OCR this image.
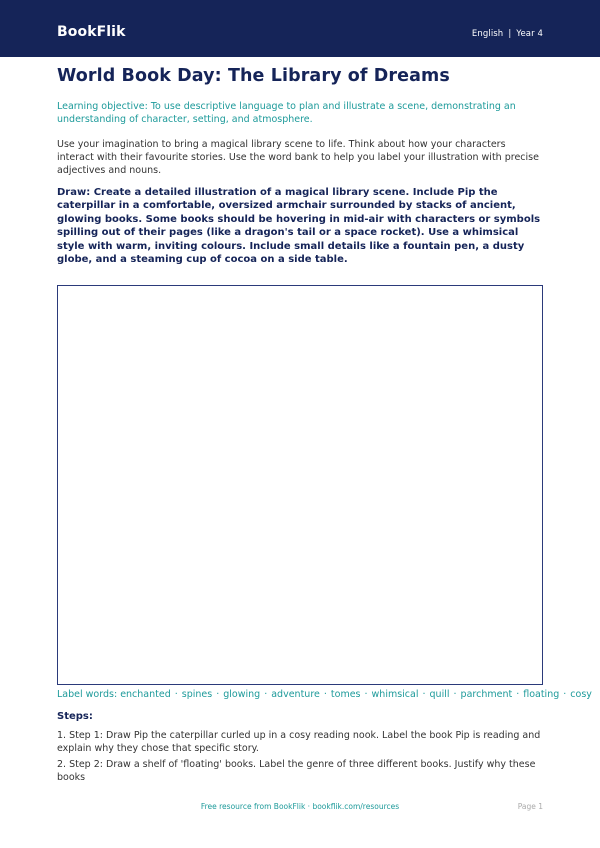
BookFlik	English | Year 4
World Book Day: The Library of Dreams

Learning objective: To use descriptive language to plan and illustrate a scene, demonstrating an understanding of character, setting, and atmosphere.

Use your imagination to bring a magical library scene to life. Think about how your characters interact with their favourite stories. Use the word bank to help you label your illustration with precise adjectives and nouns.

Draw: Create a detailed illustration of a magical library scene. Include Pip the caterpillar in a comfortable, oversized armchair surrounded by stacks of ancient, glowing books. Some books should be hovering in mid-air with characters or symbols spilling out of their pages (like a dragon's tail or a space rocket). Use a whimsical style with warm, inviting colours. Include small details like a fountain pen, a dusty globe, and a steaming cup of cocoa on a side table.

Label words: enchanted · spines · glowing · adventure · tomes · whimsical · quill · parchment · floating · cosy
Steps:
1. Step 1: Draw Pip the caterpillar curled up in a cosy reading nook. Label the book Pip is reading and explain why they chose that specific story.
2. Step 2: Draw a shelf of 'floating' books. Label the genre of three different books. Justify why these books
Free resource from BookFlik · bookflik.com/resources	Page 1
